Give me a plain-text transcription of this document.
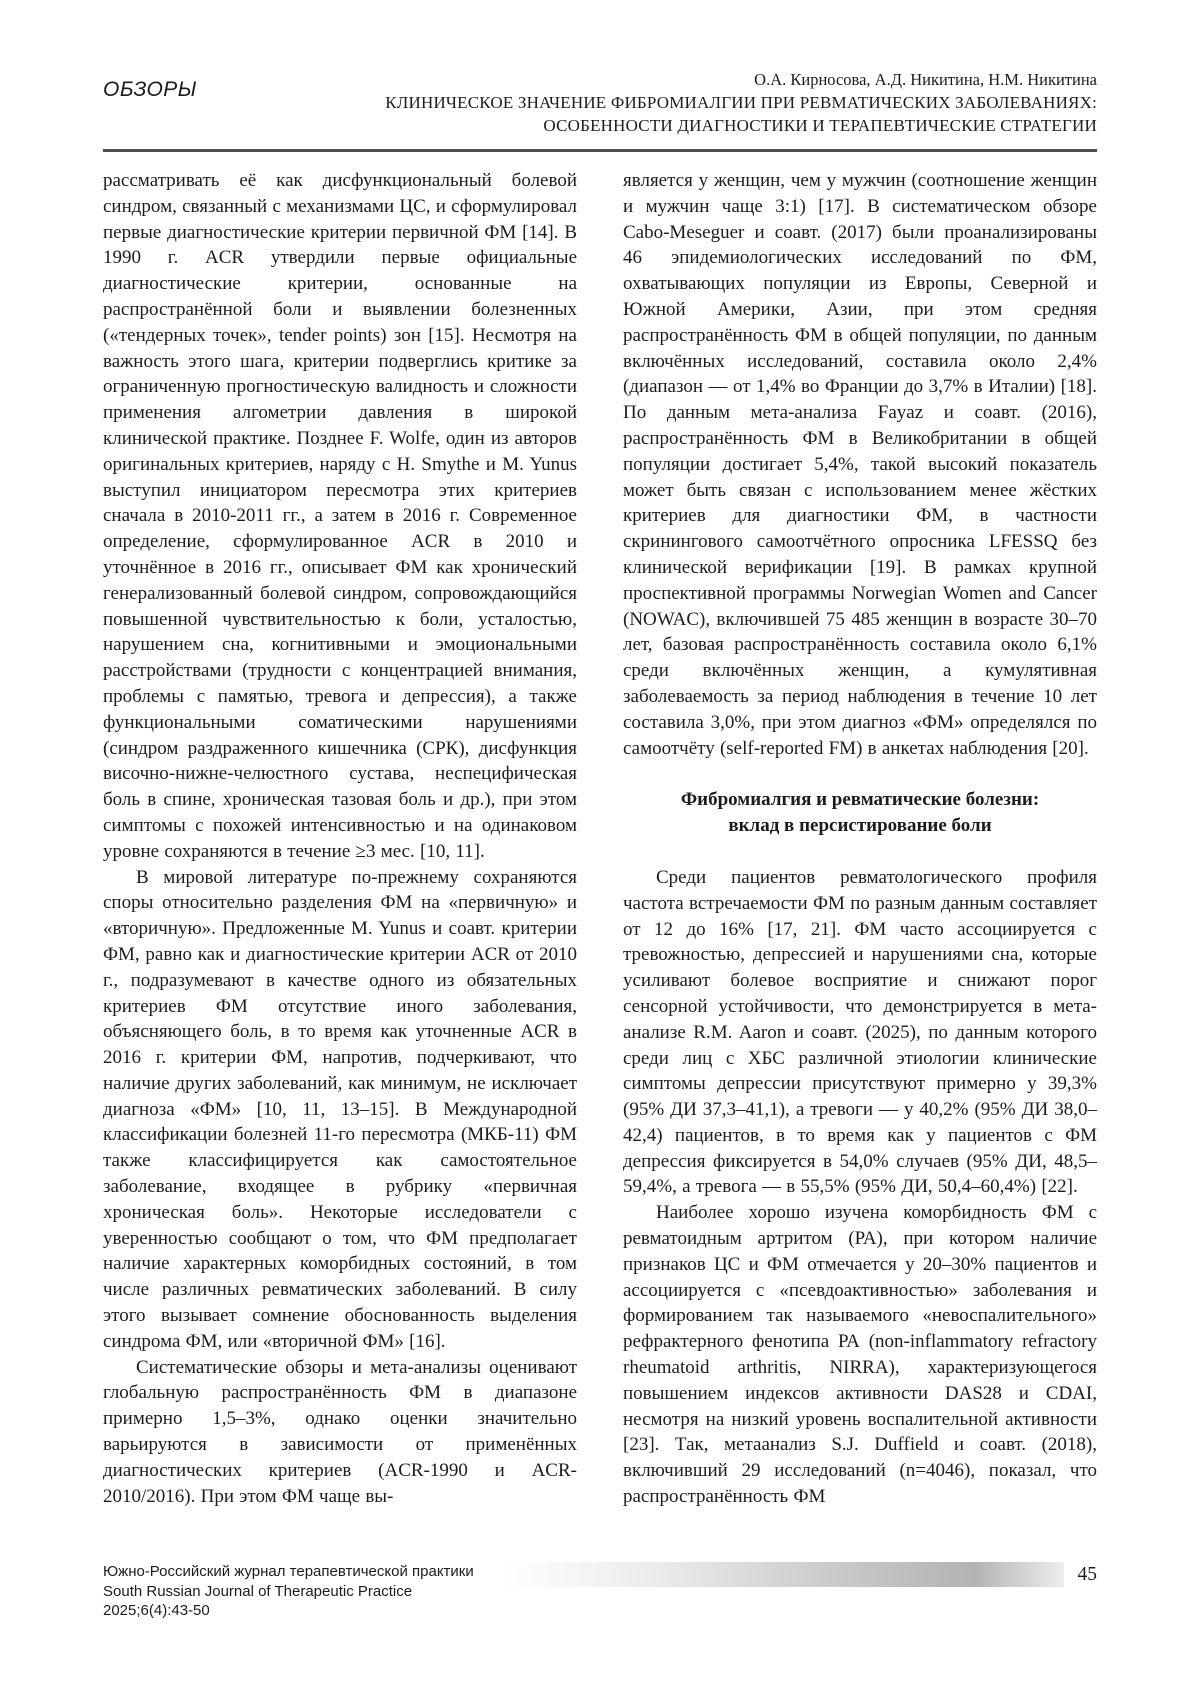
ОБЗОРЫ	О.А. Кирносова, А.Д. Никитина, Н.М. Никитина
КЛИНИЧЕСКОЕ ЗНАЧЕНИЕ ФИБРОМИАЛГИИ ПРИ РЕВМАТИЧЕСКИХ ЗАБОЛЕВАНИЯХ:
ОСОБЕННОСТИ ДИАГНОСТИКИ И ТЕРАПЕВТИЧЕСКИЕ СТРАТЕГИИ

рассматривать её как дисфункциональный болевой синдром, связанный с механизмами ЦС, и сформулировал первые диагностические критерии первичной ФМ [14]. В 1990 г. ACR утвердили первые официальные диагностические критерии, основанные на распространённой боли и выявлении болезненных («тендерных точек», tender points) зон [15]. Несмотря на важность этого шага, критерии подверглись критике за ограниченную прогностическую валидность и сложности применения алгометрии давления в широкой клинической практике. Позднее F. Wolfe, один из авторов оригинальных критериев, наряду с H. Smythe и M. Yunus выступил инициатором пересмотра этих критериев сначала в 2010-2011 гг., а затем в 2016 г. Современное определение, сформулированное ACR в 2010 и уточнённое в 2016 гг., описывает ФМ как хронический генерализованный болевой синдром, сопровождающийся повышенной чувствительностью к боли, усталостью, нарушением сна, когнитивными и эмоциональными расстройствами (трудности с концентрацией внимания, проблемы с памятью, тревога и депрессия), а также функциональными соматическими нарушениями (синдром раздраженного кишечника (СРК), дисфункция височно-нижне-челюстного сустава, неспецифическая боль в спине, хроническая тазовая боль и др.), при этом симптомы с похожей интенсивностью и на одинаковом уровне сохраняются в течение ≥3 мес. [10, 11].

В мировой литературе по-прежнему сохраняются споры относительно разделения ФМ на «первичную» и «вторичную». Предложенные M. Yunus и соавт. критерии ФМ, равно как и диагностические критерии ACR от 2010 г., подразумевают в качестве одного из обязательных критериев ФМ отсутствие иного заболевания, объясняющего боль, в то время как уточненные ACR в 2016 г. критерии ФМ, напротив, подчеркивают, что наличие других заболеваний, как минимум, не исключает диагноза «ФМ» [10, 11, 13–15]. В Международной классификации болезней 11-го пересмотра (МКБ-11) ФМ также классифицируется как самостоятельное заболевание, входящее в рубрику «первичная хроническая боль». Некоторые исследователи с уверенностью сообщают о том, что ФМ предполагает наличие характерных коморбидных состояний, в том числе различных ревматических заболеваний. В силу этого вызывает сомнение обоснованность выделения синдрома ФМ, или «вторичной ФМ» [16].

Систематические обзоры и мета-анализы оценивают глобальную распространённость ФМ в диапазоне примерно 1,5–3%, однако оценки значительно варьируются в зависимости от применённых диагностических критериев (ACR-1990 и ACR-2010/2016). При этом ФМ чаще вы-

является у женщин, чем у мужчин (соотношение женщин и мужчин чаще 3:1) [17]. В систематическом обзоре Cabo-Meseguer и соавт. (2017) были проанализированы 46 эпидемиологических исследований по ФМ, охватывающих популяции из Европы, Северной и Южной Америки, Азии, при этом средняя распространённость ФМ в общей популяции, по данным включённых исследований, составила около 2,4% (диапазон — от 1,4% во Франции до 3,7% в Италии) [18]. По данным мета-анализа Fayaz и соавт. (2016), распространённость ФМ в Великобритании в общей популяции достигает 5,4%, такой высокий показатель может быть связан с использованием менее жёстких критериев для диагностики ФМ, в частности скринингового самоотчётного опросника LFESSQ без клинической верификации [19]. В рамках крупной проспективной программы Norwegian Women and Cancer (NOWAC), включившей 75 485 женщин в возрасте 30–70 лет, базовая распространённость составила около 6,1% среди включённых женщин, а кумулятивная заболеваемость за период наблюдения в течение 10 лет составила 3,0%, при этом диагноз «ФМ» определялся по самоотчёту (self-reported FM) в анкетах наблюдения [20].

Фибромиалгия и ревматические болезни:
вклад в персистирование боли

Среди пациентов ревматологического профиля частота встречаемости ФМ по разным данным составляет от 12 до 16% [17, 21]. ФМ часто ассоциируется с тревожностью, депрессией и нарушениями сна, которые усиливают болевое восприятие и снижают порог сенсорной устойчивости, что демонстрируется в мета-анализе R.M. Aaron и соавт. (2025), по данным которого среди лиц с ХБС различной этиологии клинические симптомы депрессии присутствуют примерно у 39,3% (95% ДИ 37,3–41,1), а тревоги — у 40,2% (95% ДИ 38,0–42,4) пациентов, в то время как у пациентов с ФМ депрессия фиксируется в 54,0% случаев (95% ДИ, 48,5–59,4%, а тревога — в 55,5% (95% ДИ, 50,4–60,4%) [22].

Наиболее хорошо изучена коморбидность ФМ с ревматоидным артритом (РА), при котором наличие признаков ЦС и ФМ отмечается у 20–30% пациентов и ассоциируется с «псевдоактивностью» заболевания и формированием так называемого «невоспалительного» рефрактерного фенотипа РА (non-inflammatory refractory rheumatoid arthritis, NIRRA), характеризующегося повышением индексов активности DAS28 и CDAI, несмотря на низкий уровень воспалительной активности [23]. Так, метаанализ S.J. Duffield и соавт. (2018), включивший 29 исследований (n=4046), показал, что распространённость ФМ

Южно-Российский журнал терапевтической практики
South Russian Journal of Therapeutic Practice
2025;6(4):43-50
45
